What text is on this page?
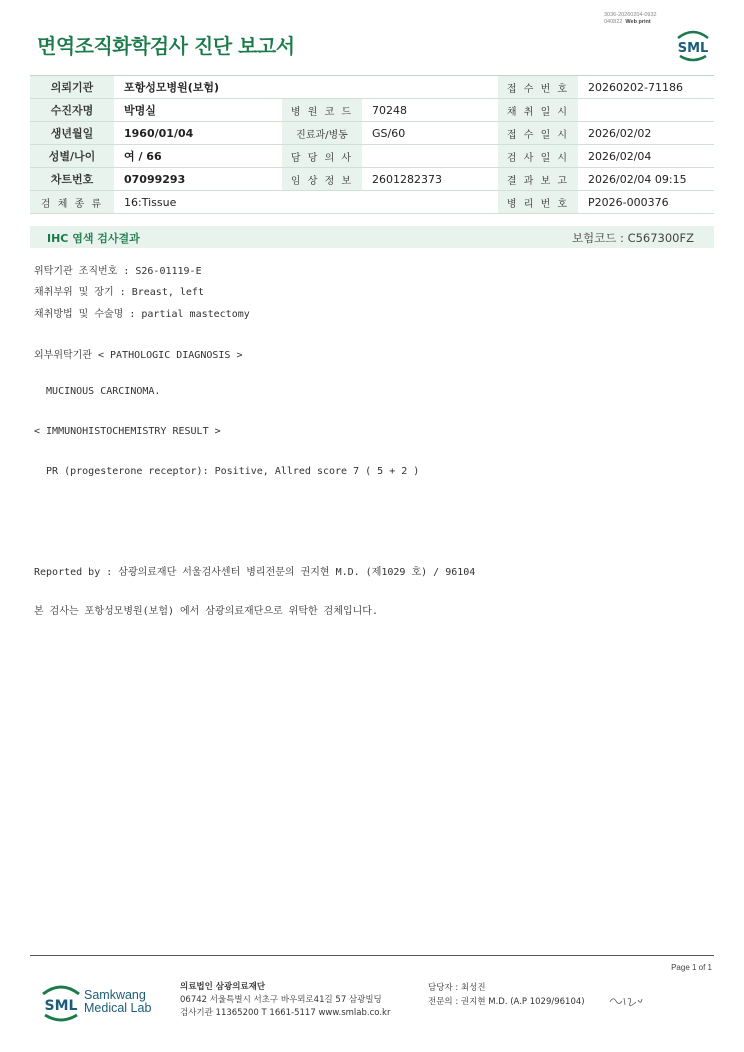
3036-20260204-0932
040822 Web print
면역조직화학검사 진단 보고서	SML
의뢰기관	포항성모병원(보험)			접 수 번 호	20260202-71186
수진자명	박명실	병 원 코 드	70248	채 취 일 시	
생년월일	1960/01/04	진료과/병동	GS/60	접 수 일 시	2026/02/02
성별/나이	여 / 66	담 당 의 사		검 사 일 시	2026/02/04
차트번호	07099293	임 상 정 보	2601282373	결 과 보 고	2026/02/04 09:15
검 체 종 류	16:Tissue			병 리 번 호	P2026-000376
IHC 염색 검사결과	보험코드 : C567300FZ

위탁기관 조직번호 : S26-01119-E

채취부위 및 장기 : Breast, left

채취방법 및 수술명 : partial mastectomy

외부위탁기관 < PATHOLOGIC DIAGNOSIS >

MUCINOUS CARCINOMA.

< IMMUNOHISTOCHEMISTRY RESULT >

PR (progesterone receptor): Positive, Allred score 7 ( 5 + 2 )

Reported by : 삼광의료재단 서울검사센터 병리전문의 권지현 M.D. (제1029 호) / 96104

본 검사는 포항성모병원(보험) 에서 삼광의료재단으로 위탁한 검체입니다.

Page 1 of 1
SML
Samkwang
Medical Lab
의료법인 삼광의료재단
06742 서울특별시 서초구 바우뫼로41길 57 삼광빌딩
검사기관 11365200 T 1661-5117 www.smlab.co.kr
담당자 : 최성진
전문의 : 권지현 M.D. (A.P 1029/96104)
